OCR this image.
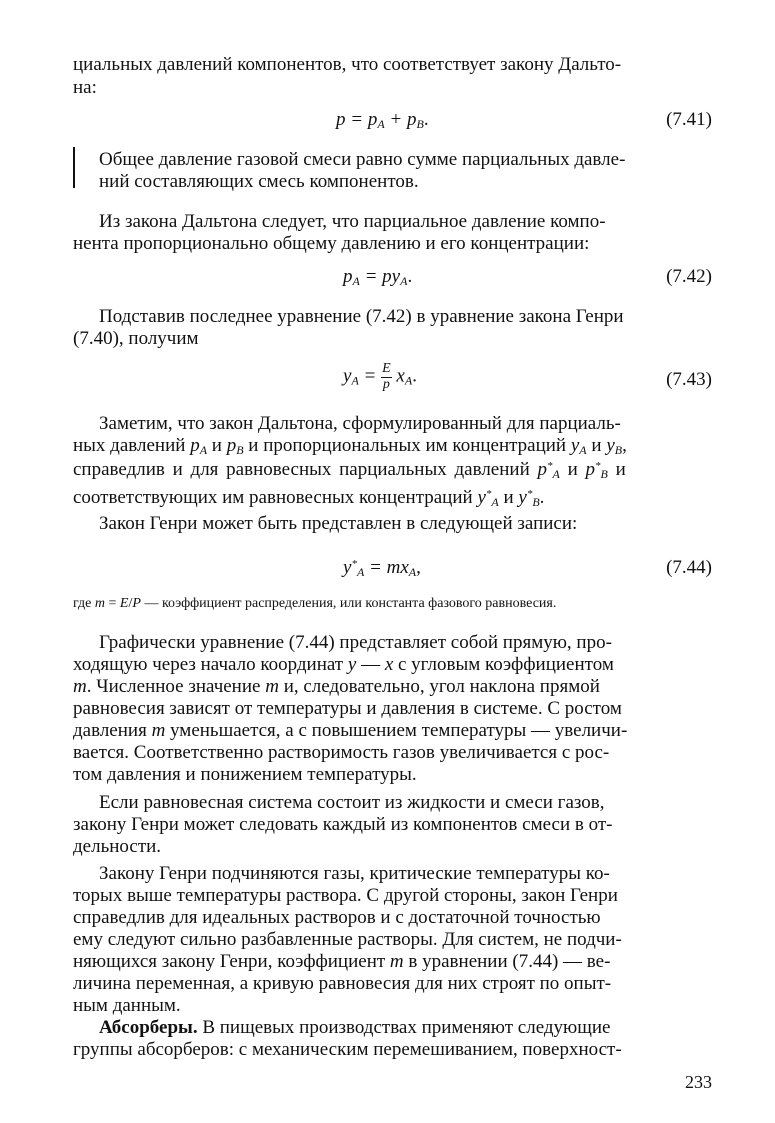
циальных давлений компонентов, что соответствует закону Дальто-
на:
$p = p_A + p_B$.	(7.41)
Общее давление газовой смеси равно сумме парциальных давле-
ний составляющих смесь компонентов.
Из закона Дальтона следует, что парциальное давление компо-
нента пропорционально общему давлению и его концентрации:
$p_A = py_A$.	(7.42)
Подставив последнее уравнение (7.42) в уравнение закона Генри
(7.40), получим
$y_A = \frac{E}{p} x_A$.	(7.43)
Заметим, что закон Дальтона, сформулированный для парциаль-
ных давлений $p_A$ и $p_B$ и пропорциональных им концентраций $y_A$ и $y_B$,
справедлив и для равновесных парциальных давлений $p^*_A$ и $p^*_B$ и
соответствующих им равновесных концентраций $y^*_A$ и $y^*_B$.
Закон Генри может быть представлен в следующей записи:
$y^*_A = mx_A$,	(7.44)
где m = E/P — коэффициент распределения, или константа фазового равновесия.
Графически уравнение (7.44) представляет собой прямую, про-
ходящую через начало координат y — x с угловым коэффициентом
m. Численное значение m и, следовательно, угол наклона прямой
равновесия зависят от температуры и давления в системе. С ростом
давления m уменьшается, а с повышением температуры — увеличи-
вается. Соответственно растворимость газов увеличивается с рос-
том давления и понижением температуры.
Если равновесная система состоит из жидкости и смеси газов,
закону Генри может следовать каждый из компонентов смеси в от-
дельности.
Закону Генри подчиняются газы, критические температуры ко-
торых выше температуры раствора. С другой стороны, закон Генри
справедлив для идеальных растворов и с достаточной точностью
ему следуют сильно разбавленные растворы. Для систем, не подчи-
няющихся закону Генри, коэффициент m в уравнении (7.44) — ве-
личина переменная, а кривую равновесия для них строят по опыт-
ным данным.
Абсорберы. В пищевых производствах применяют следующие
группы абсорберов: с механическим перемешиванием, поверхност-
233
